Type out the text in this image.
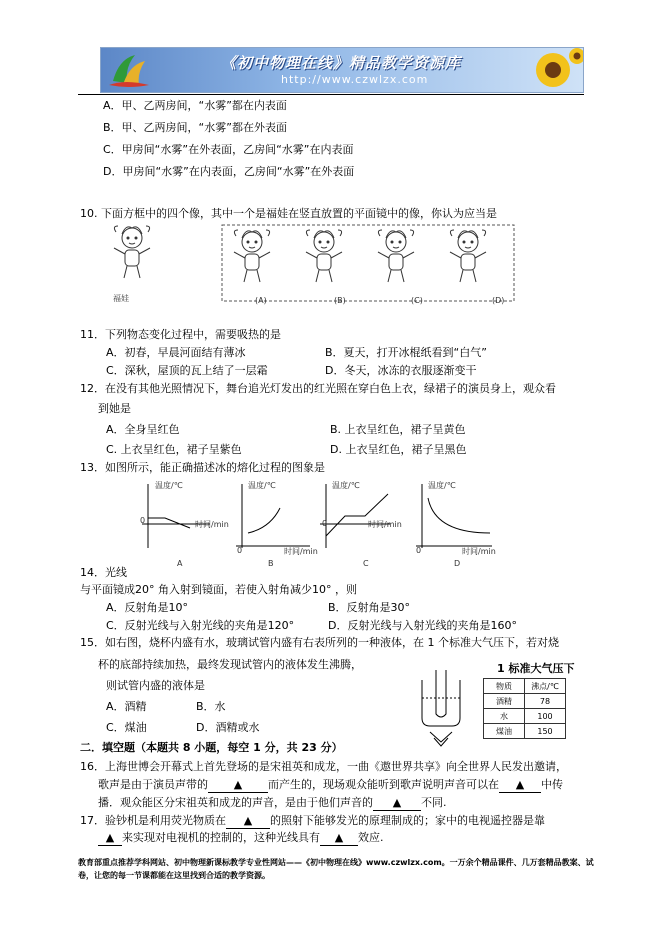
《初中物理在线》精品教学资源库
http://www.czwlzx.com
A．甲、乙两房间，“水雾”都在内表面
B．甲、乙两房间，“水雾”都在外表面
C．甲房间“水雾”在外表面，乙房间“水雾”在内表面
D．甲房间“水雾”在内表面，乙房间“水雾”在外表面
10. 下面方框中的四个像，其中一个是福娃在竖直放置的平面镜中的像，你认为应当是
福娃	(A)	(B)	(C)	(D)
11．下列物态变化过程中，需要吸热的是
A．初春，早晨河面结有薄冰	B．夏天，打开冰棍纸看到“白气”
C．深秋，屋顶的瓦上结了一层霜	D．冬天，冰冻的衣服逐渐变干
12．在没有其他光照情况下，舞台追光灯发出的红光照在穿白色上衣，绿裙子的演员身上，观众看
到她是
A．全身呈红色	B. 上衣呈红色，裙子呈黄色
C. 上衣呈红色，裙子呈紫色	D. 上衣呈红色，裙子呈黑色
13．如图所示，能正确描述冰的熔化过程的图象是
温度/℃
时间/min
0
温度/℃
时间/min
0
温度/℃
时间/min
0
温度/℃
时间/min
0
A	B	C	D
14．光线
与平面镜成20° 角入射到镜面，若使入射角减少10° ，则
A．反射角是10°	B．反射角是30°
C．反射光线与入射光线的夹角是120°	D．反射光线与入射光线的夹角是160°
15．如右图，烧杯内盛有水，玻璃试管内盛有右表所列的一种液体，在 1 个标准大气压下，若对烧
杯的底部持续加热，最终发现试管内的液体发生沸腾，
则试管内盛的液体是
A．酒精	B．水
C．煤油	D．酒精或水
1 标准大气压下
物质	沸点/℃
酒精	78
水	100
煤油	150
二．填空题（本题共 8 小题，每空 1 分，共 23 分）
16．上海世博会开幕式上首先登场的是宋祖英和成龙，一曲《遨世界共享》向全世界人民发出邀请，
歌声是由于演员声带的 ▲ 而产生的，现场观众能听到歌声说明声音可以在 ▲ 中传
播．观众能区分宋祖英和成龙的声音，是由于他们声音的 ▲ 不同.
17．验钞机是利用荧光物质在 ▲ 的照射下能够发光的原理制成的；家中的电视遥控器是靠
▲ 来实现对电视机的控制的，这种光线具有 ▲ 效应.
教育部重点推荐学科网站、初中物理新课标教学专业性网站——《初中物理在线》www.czwlzx.com。一万余个精品课件、几万套精品教案、试卷，让您的每一节课都能在这里找到合适的教学资源。
